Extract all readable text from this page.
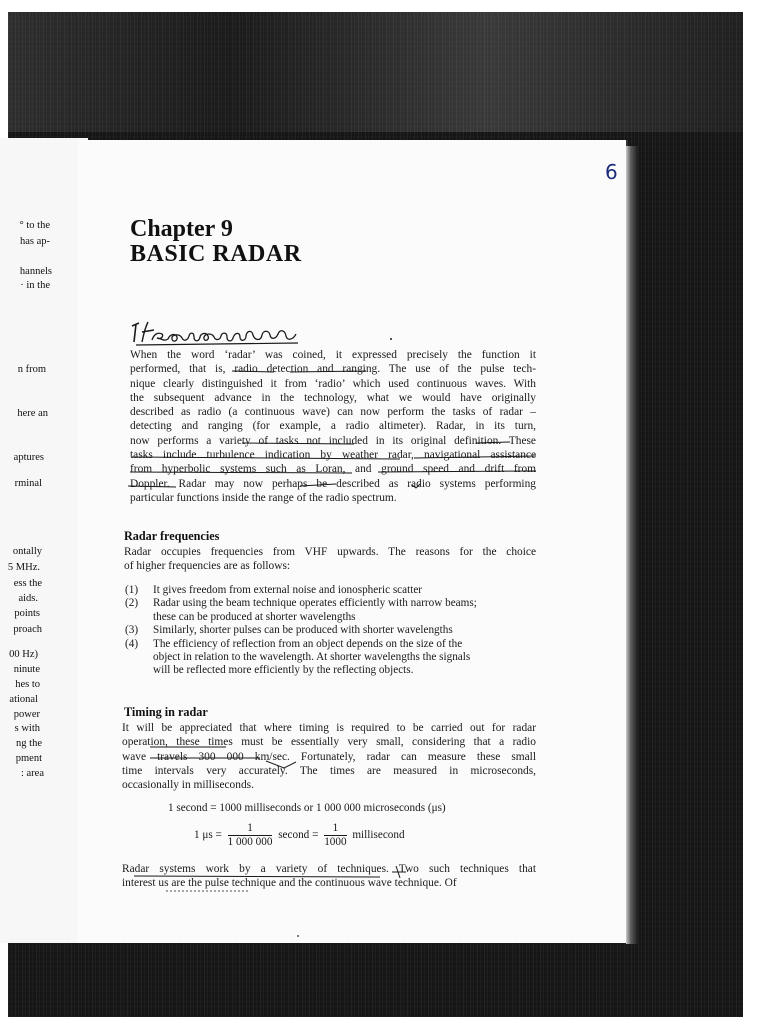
° to the
has ap-
hannels
· in the
n from
here an
aptures
rminal
ontally
5 MHz.
ess the
aids.
points
proach
00 Hz)
ninute
hes to
ational
power
s with
ng the
pment
: area
6
Chapter 9
BASIC RADAR
When the word ‘radar’ was coined, it expressed precisely the function it
performed, that is, radio detection and ranging. The use of the pulse tech-
nique clearly distinguished it from ‘radio’ which used continuous waves. With
the subsequent advance in the technology, what we would have originally
described as radio (a continuous wave) can now perform the tasks of radar –
detecting and ranging (for example, a radio altimeter). Radar, in its turn,
now performs a variety of tasks not included in its original definition. These
tasks include turbulence indication by weather radar, navigational assistance
from hyperbolic systems such as Loran, and ground speed and drift from
Doppler. Radar may now perhaps be described as radio systems performing
particular functions inside the range of the radio spectrum.
Radar frequencies
Radar occupies frequencies from VHF upwards. The reasons for the choice
of higher frequencies are as follows:
(1) It gives freedom from external noise and ionospheric scatter
(2) Radar using the beam technique operates efficiently with narrow beams;
these can be produced at shorter wavelengths
(3) Similarly, shorter pulses can be produced with shorter wavelengths
(4) The efficiency of reflection from an object depends on the size of the
object in relation to the wavelength. At shorter wavelengths the signals
will be reflected more efficiently by the reflecting objects.
Timing in radar
It will be appreciated that where timing is required to be carried out for radar
operation, these times must be essentially very small, considering that a radio
wave travels 300 000 km/sec. Fortunately, radar can measure these small
time intervals very accurately. The times are measured in microseconds,
occasionally in milliseconds.
1 second = 1000 milliseconds or 1 000 000 microseconds (μs)
1 $\mu s = \frac{1}{1 000 000}$ second = $\frac{1}{1000}$ millisecond
Radar systems work by a variety of techniques. Two such techniques that
interest us are the pulse technique and the continuous wave technique. Of
